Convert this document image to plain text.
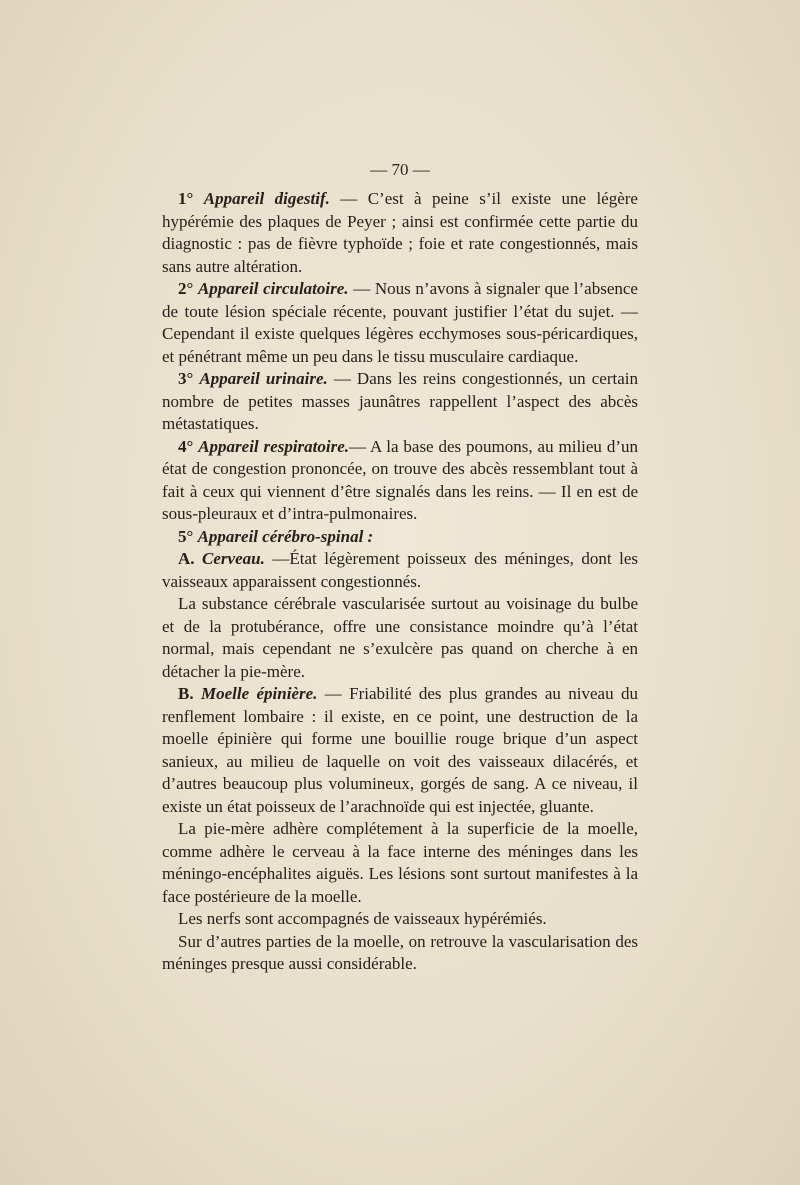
— 70 —

1° Appareil digestif. — C’est à peine s’il existe une légère hypérémie des plaques de Peyer ; ainsi est confirmée cette partie du diagnostic : pas de fièvre typhoïde ; foie et rate congestionnés, mais sans autre altération.

2° Appareil circulatoire. — Nous n’avons à signaler que l’absence de toute lésion spéciale récente, pouvant justifier l’état du sujet. — Cependant il existe quelques légères ecchymoses sous-péricardiques, et pénétrant même un peu dans le tissu musculaire cardiaque.

3° Appareil urinaire. — Dans les reins congestionnés, un certain nombre de petites masses jaunâtres rappellent l’aspect des abcès métastatiques.

4° Appareil respiratoire.— A la base des poumons, au milieu d’un état de congestion prononcée, on trouve des abcès ressemblant tout à fait à ceux qui viennent d’être signalés dans les reins. — Il en est de sous-pleuraux et d’intra-pulmonaires.

5° Appareil cérébro-spinal :

A. Cerveau. —État légèrement poisseux des méninges, dont les vaisseaux apparaissent congestionnés.

La substance cérébrale vascularisée surtout au voisinage du bulbe et de la protubérance, offre une consistance moindre qu’à l’état normal, mais cependant ne s’exulcère pas quand on cherche à en détacher la pie-mère.

B. Moelle épinière. — Friabilité des plus grandes au niveau du renflement lombaire : il existe, en ce point, une destruction de la moelle épinière qui forme une bouillie rouge brique d’un aspect sanieux, au milieu de laquelle on voit des vaisseaux dilacérés, et d’autres beaucoup plus volumineux, gorgés de sang. A ce niveau, il existe un état poisseux de l’arachnoïde qui est injectée, gluante.

La pie-mère adhère complétement à la superficie de la moelle, comme adhère le cerveau à la face interne des méninges dans les méningo-encéphalites aiguës. Les lésions sont surtout manifestes à la face postérieure de la moelle.

Les nerfs sont accompagnés de vaisseaux hypérémiés.

Sur d’autres parties de la moelle, on retrouve la vascularisation des méninges presque aussi considérable.
